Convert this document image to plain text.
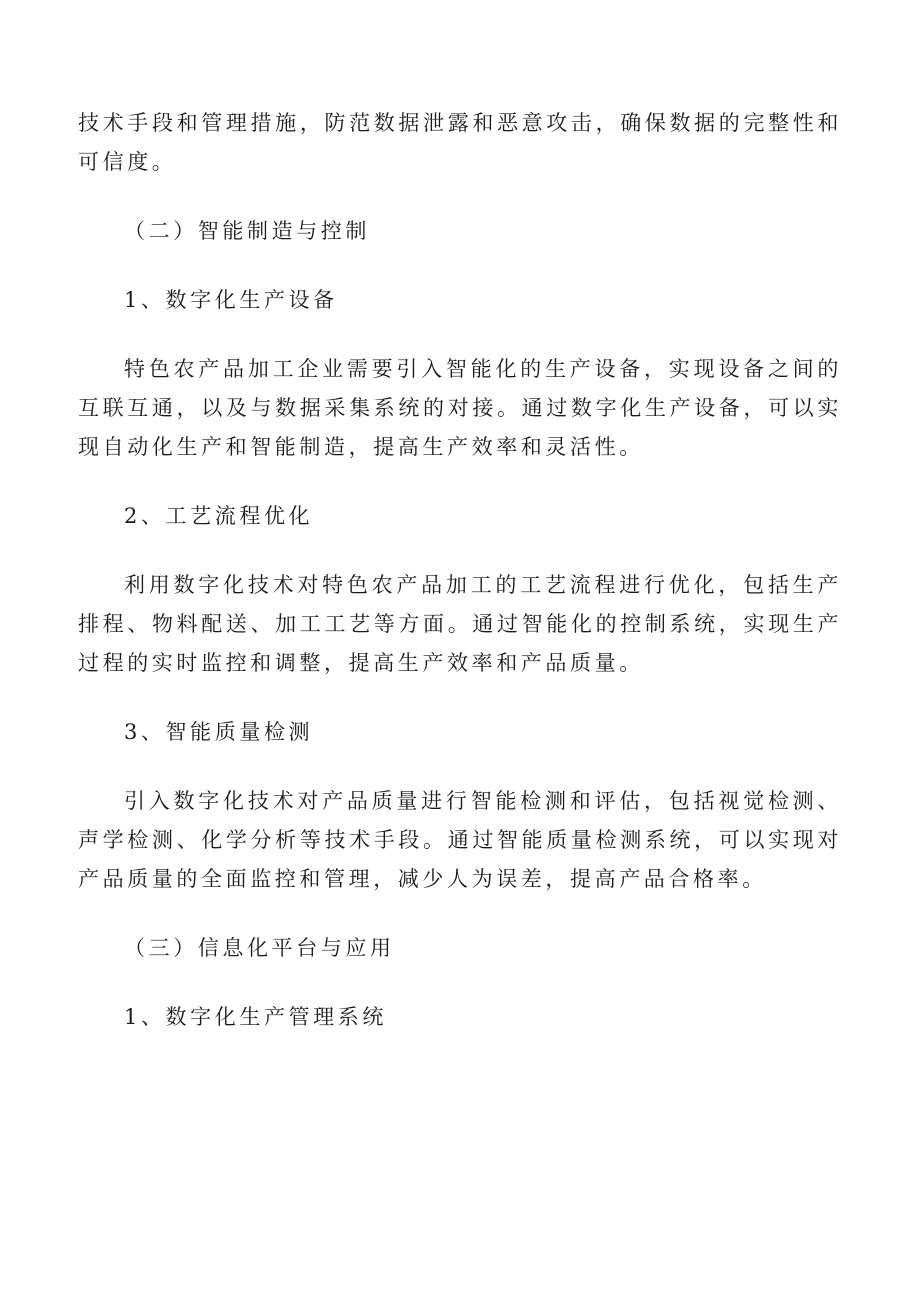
技术手段和管理措施，防范数据泄露和恶意攻击，确保数据的完整性和可信度。

（二）智能制造与控制

1、数字化生产设备

特色农产品加工企业需要引入智能化的生产设备，实现设备之间的互联互通，以及与数据采集系统的对接。通过数字化生产设备，可以实现自动化生产和智能制造，提高生产效率和灵活性。

2、工艺流程优化

利用数字化技术对特色农产品加工的工艺流程进行优化，包括生产排程、物料配送、加工工艺等方面。通过智能化的控制系统，实现生产过程的实时监控和调整，提高生产效率和产品质量。

3、智能质量检测

引入数字化技术对产品质量进行智能检测和评估，包括视觉检测、声学检测、化学分析等技术手段。通过智能质量检测系统，可以实现对产品质量的全面监控和管理，减少人为误差，提高产品合格率。

（三）信息化平台与应用

1、数字化生产管理系统
